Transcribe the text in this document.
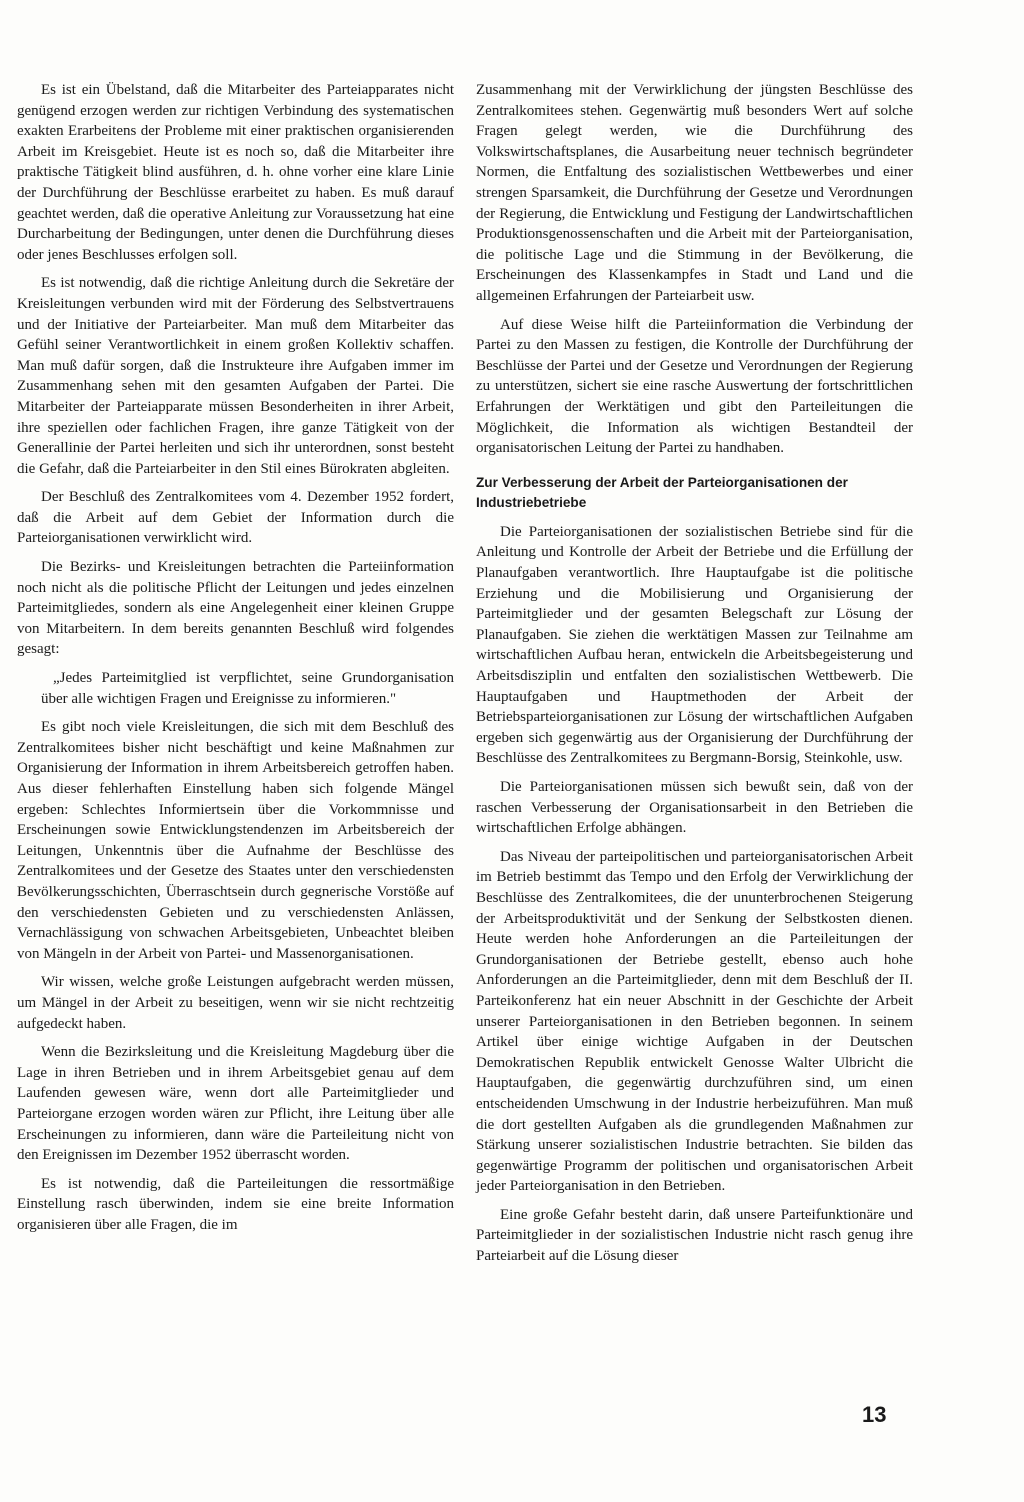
Es ist ein Übelstand, daß die Mitarbeiter des Parteiapparates nicht genügend erzogen werden zur richtigen Verbindung des systematischen exakten Erarbeitens der Probleme mit einer praktischen organisierenden Arbeit im Kreisgebiet. Heute ist es noch so, daß die Mitarbeiter ihre praktische Tätigkeit blind ausführen, d. h. ohne vorher eine klare Linie der Durchführung der Beschlüsse erarbeitet zu haben. Es muß darauf geachtet werden, daß die operative Anleitung zur Voraussetzung hat eine Durcharbeitung der Bedingungen, unter denen die Durchführung dieses oder jenes Beschlusses erfolgen soll.

Es ist notwendig, daß die richtige Anleitung durch die Sekretäre der Kreisleitungen verbunden wird mit der Förderung des Selbstvertrauens und der Initiative der Parteiarbeiter. Man muß dem Mitarbeiter das Gefühl seiner Verantwortlichkeit in einem großen Kollektiv schaffen. Man muß dafür sorgen, daß die Instrukteure ihre Aufgaben immer im Zusammenhang sehen mit den gesamten Aufgaben der Partei. Die Mitarbeiter der Parteiapparate müssen Besonderheiten in ihrer Arbeit, ihre speziellen oder fachlichen Fragen, ihre ganze Tätigkeit von der Generallinie der Partei herleiten und sich ihr unterordnen, sonst besteht die Gefahr, daß die Parteiarbeiter in den Stil eines Bürokraten abgleiten.

Der Beschluß des Zentralkomitees vom 4. Dezember 1952 fordert, daß die Arbeit auf dem Gebiet der Information durch die Parteiorganisationen verwirklicht wird.

Die Bezirks- und Kreisleitungen betrachten die Parteiinformation noch nicht als die politische Pflicht der Leitungen und jedes einzelnen Parteimitgliedes, sondern als eine Angelegenheit einer kleinen Gruppe von Mitarbeitern. In dem bereits genannten Beschluß wird folgendes gesagt:

„Jedes Parteimitglied ist verpflichtet, seine Grundorganisation über alle wichtigen Fragen und Ereignisse zu informieren."

Es gibt noch viele Kreisleitungen, die sich mit dem Beschluß des Zentralkomitees bisher nicht beschäftigt und keine Maßnahmen zur Organisierung der Information in ihrem Arbeitsbereich getroffen haben. Aus dieser fehlerhaften Einstellung haben sich folgende Mängel ergeben: Schlechtes Informiertsein über die Vorkommnisse und Erscheinungen sowie Entwicklungstendenzen im Arbeitsbereich der Leitungen, Unkenntnis über die Aufnahme der Beschlüsse des Zentralkomitees und der Gesetze des Staates unter den verschiedensten Bevölkerungsschichten, Überraschtsein durch gegnerische Vorstöße auf den verschiedensten Gebieten und zu verschiedensten Anlässen, Vernachlässigung von schwachen Arbeitsgebieten, Unbeachtet bleiben von Mängeln in der Arbeit von Partei- und Massenorganisationen.

Wir wissen, welche große Leistungen aufgebracht werden müssen, um Mängel in der Arbeit zu beseitigen, wenn wir sie nicht rechtzeitig aufgedeckt haben.

Wenn die Bezirksleitung und die Kreisleitung Magdeburg über die Lage in ihren Betrieben und in ihrem Arbeitsgebiet genau auf dem Laufenden gewesen wäre, wenn dort alle Parteimitglieder und Parteiorgane erzogen worden wären zur Pflicht, ihre Leitung über alle Erscheinungen zu informieren, dann wäre die Parteileitung nicht von den Ereignissen im Dezember 1952 überrascht worden.

Es ist notwendig, daß die Parteileitungen die ressortmäßige Einstellung rasch überwinden, indem sie eine breite Information organisieren über alle Fragen, die im

Zusammenhang mit der Verwirklichung der jüngsten Beschlüsse des Zentralkomitees stehen. Gegenwärtig muß besonders Wert auf solche Fragen gelegt werden, wie die Durchführung des Volkswirtschaftsplanes, die Ausarbeitung neuer technisch begründeter Normen, die Entfaltung des sozialistischen Wettbewerbes und einer strengen Sparsamkeit, die Durchführung der Gesetze und Verordnungen der Regierung, die Entwicklung und Festigung der Landwirtschaftlichen Produktionsgenossenschaften und die Arbeit mit der Parteiorganisation, die politische Lage und die Stimmung in der Bevölkerung, die Erscheinungen des Klassenkampfes in Stadt und Land und die allgemeinen Erfahrungen der Parteiarbeit usw.

Auf diese Weise hilft die Parteiinformation die Verbindung der Partei zu den Massen zu festigen, die Kontrolle der Durchführung der Beschlüsse der Partei und der Gesetze und Verordnungen der Regierung zu unterstützen, sichert sie eine rasche Auswertung der fortschrittlichen Erfahrungen der Werktätigen und gibt den Parteileitungen die Möglichkeit, die Information als wichtigen Bestandteil der organisatorischen Leitung der Partei zu handhaben.

Zur Verbesserung der Arbeit der Parteiorganisationen der Industriebetriebe

Die Parteiorganisationen der sozialistischen Betriebe sind für die Anleitung und Kontrolle der Arbeit der Betriebe und die Erfüllung der Planaufgaben verantwortlich. Ihre Hauptaufgabe ist die politische Erziehung und die Mobilisierung und Organisierung der Parteimitglieder und der gesamten Belegschaft zur Lösung der Planaufgaben. Sie ziehen die werktätigen Massen zur Teilnahme am wirtschaftlichen Aufbau heran, entwickeln die Arbeitsbegeisterung und Arbeitsdisziplin und entfalten den sozialistischen Wettbewerb. Die Hauptaufgaben und Hauptmethoden der Arbeit der Betriebsparteiorganisationen zur Lösung der wirtschaftlichen Aufgaben ergeben sich gegenwärtig aus der Organisierung der Durchführung der Beschlüsse des Zentralkomitees zu Bergmann-Borsig, Steinkohle, usw.

Die Parteiorganisationen müssen sich bewußt sein, daß von der raschen Verbesserung der Organisationsarbeit in den Betrieben die wirtschaftlichen Erfolge abhängen.

Das Niveau der parteipolitischen und parteiorganisatorischen Arbeit im Betrieb bestimmt das Tempo und den Erfolg der Verwirklichung der Beschlüsse des Zentralkomitees, die der ununterbrochenen Steigerung der Arbeitsproduktivität und der Senkung der Selbstkosten dienen. Heute werden hohe Anforderungen an die Parteileitungen der Grundorganisationen der Betriebe gestellt, ebenso auch hohe Anforderungen an die Parteimitglieder, denn mit dem Beschluß der II. Parteikonferenz hat ein neuer Abschnitt in der Geschichte der Arbeit unserer Parteiorganisationen in den Betrieben begonnen. In seinem Artikel über einige wichtige Aufgaben in der Deutschen Demokratischen Republik entwickelt Genosse Walter Ulbricht die Hauptaufgaben, die gegenwärtig durchzuführen sind, um einen entscheidenden Umschwung in der Industrie herbeizuführen. Man muß die dort gestellten Aufgaben als die grundlegenden Maßnahmen zur Stärkung unserer sozialistischen Industrie betrachten. Sie bilden das gegenwärtige Programm der politischen und organisatorischen Arbeit jeder Parteiorganisation in den Betrieben.

Eine große Gefahr besteht darin, daß unsere Parteifunktionäre und Parteimitglieder in der sozialistischen Industrie nicht rasch genug ihre Parteiarbeit auf die Lösung dieser

13
